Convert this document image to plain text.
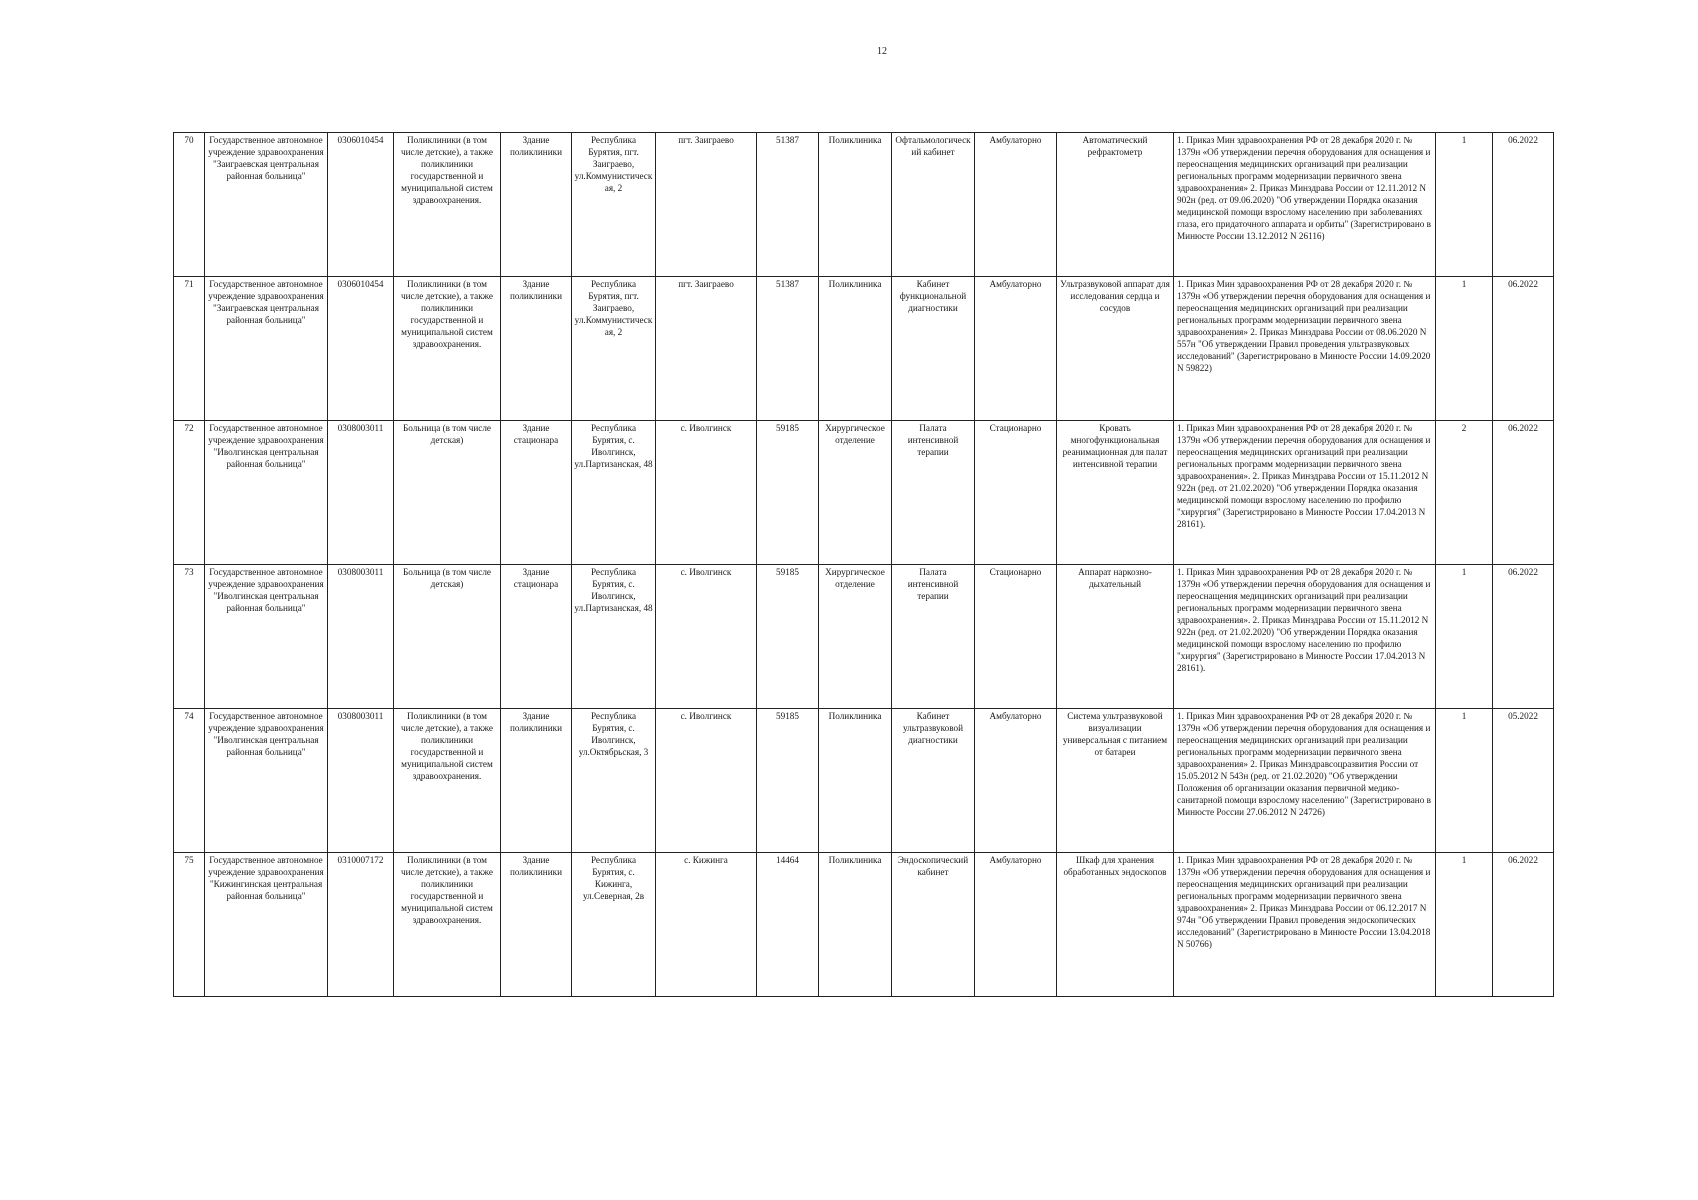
12
70	Государственное автономное учреждение здравоохранения "Заиграевская центральная районная больница"	0306010454	Поликлиники (в том числе детские), а также поликлиники государственной и муниципальной систем здравоохранения.	Здание поликлиники	Республика Бурятия, пгт. Заиграево, ул.Коммунистическая, 2	пгт. Заиграево	51387	Поликлиника	Офтальмологический кабинет	Амбулаторно	Автоматический рефрактометр	1. Приказ Мин здравоохранения РФ от 28 декабря 2020 г. № 1379н «Об утверждении перечня оборудования для оснащения и переоснащения медицинских организаций при реализации региональных программ модернизации первичного звена здравоохранения» 2. Приказ Минздрава России от 12.11.2012 N 902н (ред. от 09.06.2020) "Об утверждении Порядка оказания медицинской помощи взрослому населению при заболеваниях глаза, его придаточного аппарата и орбиты" (Зарегистрировано в Минюсте России 13.12.2012 N 26116)	1	06.2022
71	Государственное автономное учреждение здравоохранения "Заиграевская центральная районная больница"	0306010454	Поликлиники (в том числе детские), а также поликлиники государственной и муниципальной систем здравоохранения.	Здание поликлиники	Республика Бурятия, пгт. Заиграево, ул.Коммунистическая, 2	пгт. Заиграево	51387	Поликлиника	Кабинет функциональной диагностики	Амбулаторно	Ультразвуковой аппарат для исследования сердца и сосудов	1. Приказ Мин здравоохранения РФ от 28 декабря 2020 г. № 1379н «Об утверждении перечня оборудования для оснащения и переоснащения медицинских организаций при реализации региональных программ модернизации первичного звена здравоохранения» 2. Приказ Минздрава России от 08.06.2020 N 557н "Об утверждении Правил проведения ультразвуковых исследований" (Зарегистрировано в Минюсте России 14.09.2020 N 59822)	1	06.2022
72	Государственное автономное учреждение здравоохранения "Иволгинская центральная районная больница"	0308003011	Больница (в том числе детская)	Здание стационара	Республика Бурятия, с. Иволгинск, ул.Партизанская, 48	с. Иволгинск	59185	Хирургическое отделение	Палата интенсивной терапии	Стационарно	Кровать многофункциональная реанимационная для палат интенсивной терапии	1. Приказ Мин здравоохранения РФ от 28 декабря 2020 г. № 1379н «Об утверждении перечня оборудования для оснащения и переоснащения медицинских организаций при реализации региональных программ модернизации первичного звена здравоохранения». 2. Приказ Минздрава России от 15.11.2012 N 922н (ред. от 21.02.2020) "Об утверждении Порядка оказания медицинской помощи взрослому населению по профилю "хирургия" (Зарегистрировано в Минюсте России 17.04.2013 N 28161).	2	06.2022
73	Государственное автономное учреждение здравоохранения "Иволгинская центральная районная больница"	0308003011	Больница (в том числе детская)	Здание стационара	Республика Бурятия, с. Иволгинск, ул.Партизанская, 48	с. Иволгинск	59185	Хирургическое отделение	Палата интенсивной терапии	Стационарно	Аппарат наркозно-дыхательный	1. Приказ Мин здравоохранения РФ от 28 декабря 2020 г. № 1379н «Об утверждении перечня оборудования для оснащения и переоснащения медицинских организаций при реализации региональных программ модернизации первичного звена здравоохранения». 2. Приказ Минздрава России от 15.11.2012 N 922н (ред. от 21.02.2020) "Об утверждении Порядка оказания медицинской помощи взрослому населению по профилю "хирургия" (Зарегистрировано в Минюсте России 17.04.2013 N 28161).	1	06.2022
74	Государственное автономное учреждение здравоохранения "Иволгинская центральная районная больница"	0308003011	Поликлиники (в том числе детские), а также поликлиники государственной и муниципальной систем здравоохранения.	Здание поликлиники	Республика Бурятия, с. Иволгинск, ул.Октябрьская, 3	с. Иволгинск	59185	Поликлиника	Кабинет ультразвуковой диагностики	Амбулаторно	Система ультразвуковой визуализации универсальная с питанием от батареи	1. Приказ Мин здравоохранения РФ от 28 декабря 2020 г. № 1379н «Об утверждении перечня оборудования для оснащения и переоснащения медицинских организаций при реализации региональных программ модернизации первичного звена здравоохранения» 2. Приказ Минздравсоцразвития России от 15.05.2012 N 543н (ред. от 21.02.2020) "Об утверждении Положения об организации оказания первичной медико-санитарной помощи взрослому населению" (Зарегистрировано в Минюсте России 27.06.2012 N 24726)	1	05.2022
75	Государственное автономное учреждение здравоохранения "Кижингинская центральная районная больница"	0310007172	Поликлиники (в том числе детские), а также поликлиники государственной и муниципальной систем здравоохранения.	Здание поликлиники	Республика Бурятия, с. Кижинга, ул.Северная, 2в	с. Кижинга	14464	Поликлиника	Эндоскопический кабинет	Амбулаторно	Шкаф для хранения обработанных эндоскопов	1. Приказ Мин здравоохранения РФ от 28 декабря 2020 г. № 1379н «Об утверждении перечня оборудования для оснащения и переоснащения медицинских организаций при реализации региональных программ модернизации первичного звена здравоохранения» 2. Приказ Минздрава России от 06.12.2017 N 974н "Об утверждении Правил проведения эндоскопических исследований" (Зарегистрировано в Минюсте России 13.04.2018 N 50766)	1	06.2022
